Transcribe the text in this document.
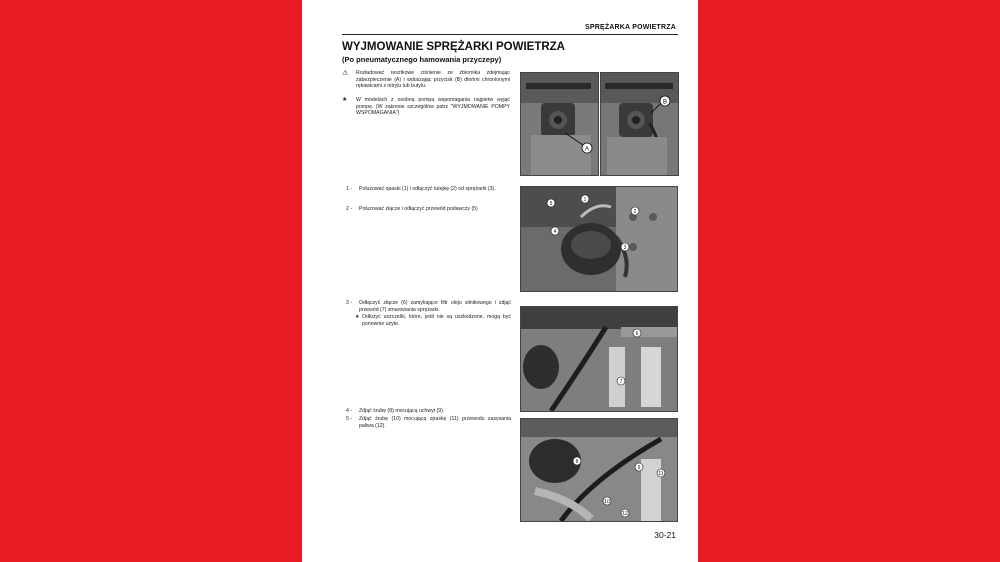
SPRĘŻARKA POWIETRZA
WYJMOWANIE SPRĘŻARKI POWIETRZA
(Po pneumatycznego hamowania przyczepy)
⚠	Rozładować resztkowe ciśnienie ze zbiornika zdejmując zabezpieczenie (A) i wduszając przycisk (B) dłońmi chronionymi rękawicami z nitrylu lub butylu.
★	W modelach z osobną pompą wspomagania najpierw wyjąć pompę. (W zakresie szczegółów patrz "WYJMOWANIE POMPY WSPOMAGANIA")
1 - Poluzować opaski (1) i odłączyć tulejkę (2) od sprężarki (3).
2 - Poluzować złącze i odłączyć przewód podawczy (5)
3 - Odłączyć złącze (6) zamykające filtr oleju silnikowego i zdjąć przewód (7) smarowania sprężarki.
★ Odłożyć uszczelki, które, jeśli nie są uszkodzone, mogą być ponownie użyte.
4 - Zdjąć śrubę (8) mocującą uchwyt (9).
5 - Zdjąć śrubę (10) mocującą opaskę (11) przewodu zasysania paliwa (12).
A
B
5
1
2
4
3
6
7
8
9
11
10
12
30-21
